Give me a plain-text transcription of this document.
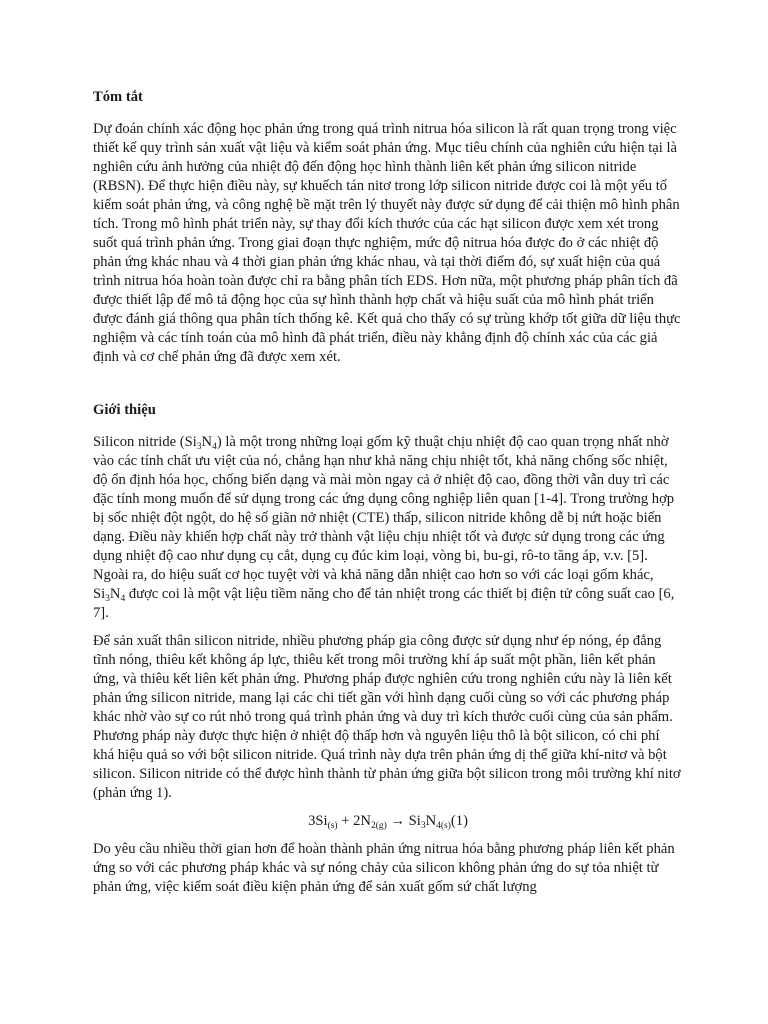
Tóm tắt

Dự đoán chính xác động học phản ứng trong quá trình nitrua hóa silicon là rất quan trọng trong việc thiết kế quy trình sản xuất vật liệu và kiểm soát phản ứng. Mục tiêu chính của nghiên cứu hiện tại là nghiên cứu ảnh hưởng của nhiệt độ đến động học hình thành liên kết phản ứng silicon nitride (RBSN). Để thực hiện điều này, sự khuếch tán nitơ trong lớp silicon nitride được coi là một yếu tố kiểm soát phản ứng, và công nghệ bề mặt trên lý thuyết này được sử dụng để cải thiện mô hình phân tích. Trong mô hình phát triển này, sự thay đổi kích thước của các hạt silicon được xem xét trong suốt quá trình phản ứng. Trong giai đoạn thực nghiệm, mức độ nitrua hóa được đo ở các nhiệt độ phản ứng khác nhau và 4 thời gian phản ứng khác nhau, và tại thời điểm đó, sự xuất hiện của quá trình nitrua hóa hoàn toàn được chỉ ra bằng phân tích EDS. Hơn nữa, một phương pháp phân tích đã được thiết lập để mô tả động học của sự hình thành hợp chất và hiệu suất của mô hình phát triển được đánh giá thông qua phân tích thống kê. Kết quả cho thấy có sự trùng khớp tốt giữa dữ liệu thực nghiệm và các tính toán của mô hình đã phát triển, điều này khẳng định độ chính xác của các giả định và cơ chế phản ứng đã được xem xét.

Giới thiệu

Silicon nitride $(Si_3N_4)$ là một trong những loại gốm kỹ thuật chịu nhiệt độ cao quan trọng nhất nhờ vào các tính chất ưu việt của nó, chẳng hạn như khả năng chịu nhiệt tốt, khả năng chống sốc nhiệt, độ ổn định hóa học, chống biến dạng và mài mòn ngay cả ở nhiệt độ cao, đồng thời vẫn duy trì các đặc tính mong muốn để sử dụng trong các ứng dụng công nghiệp liên quan [1-4]. Trong trường hợp bị sốc nhiệt đột ngột, do hệ số giãn nở nhiệt (CTE) thấp, silicon nitride không dễ bị nứt hoặc biến dạng. Điều này khiến hợp chất này trở thành vật liệu chịu nhiệt tốt và được sử dụng trong các ứng dụng nhiệt độ cao như dụng cụ cắt, dụng cụ đúc kim loại, vòng bi, bu-gi, rô-to tăng áp, v.v. [5]. Ngoài ra, do hiệu suất cơ học tuyệt vời và khả năng dẫn nhiệt cao hơn so với các loại gốm khác, $Si_3N_4$ được coi là một vật liệu tiềm năng cho để tản nhiệt trong các thiết bị điện tử công suất cao [6, 7].

Để sản xuất thân silicon nitride, nhiều phương pháp gia công được sử dụng như ép nóng, ép đẳng tĩnh nóng, thiêu kết không áp lực, thiêu kết trong môi trường khí áp suất một phần, liên kết phản ứng, và thiêu kết liên kết phản ứng. Phương pháp được nghiên cứu trong nghiên cứu này là liên kết phản ứng silicon nitride, mang lại các chi tiết gần với hình dạng cuối cùng so với các phương pháp khác nhờ vào sự co rút nhỏ trong quá trình phản ứng và duy trì kích thước cuối cùng của sản phẩm. Phương pháp này được thực hiện ở nhiệt độ thấp hơn và nguyên liệu thô là bột silicon, có chi phí khá hiệu quả so với bột silicon nitride. Quá trình này dựa trên phản ứng dị thể giữa khí-nitơ và bột silicon. Silicon nitride có thể được hình thành từ phản ứng giữa bột silicon trong môi trường khí nitơ (phản ứng 1).

$3Si_{(s)} + 2N_{2(g)} \to Si_3N_{4(s)}(1)$

Do yêu cầu nhiều thời gian hơn để hoàn thành phản ứng nitrua hóa bằng phương pháp liên kết phản ứng so với các phương pháp khác và sự nóng chảy của silicon không phản ứng do sự tỏa nhiệt từ phản ứng, việc kiểm soát điều kiện phản ứng để sản xuất gốm sứ chất lượng
